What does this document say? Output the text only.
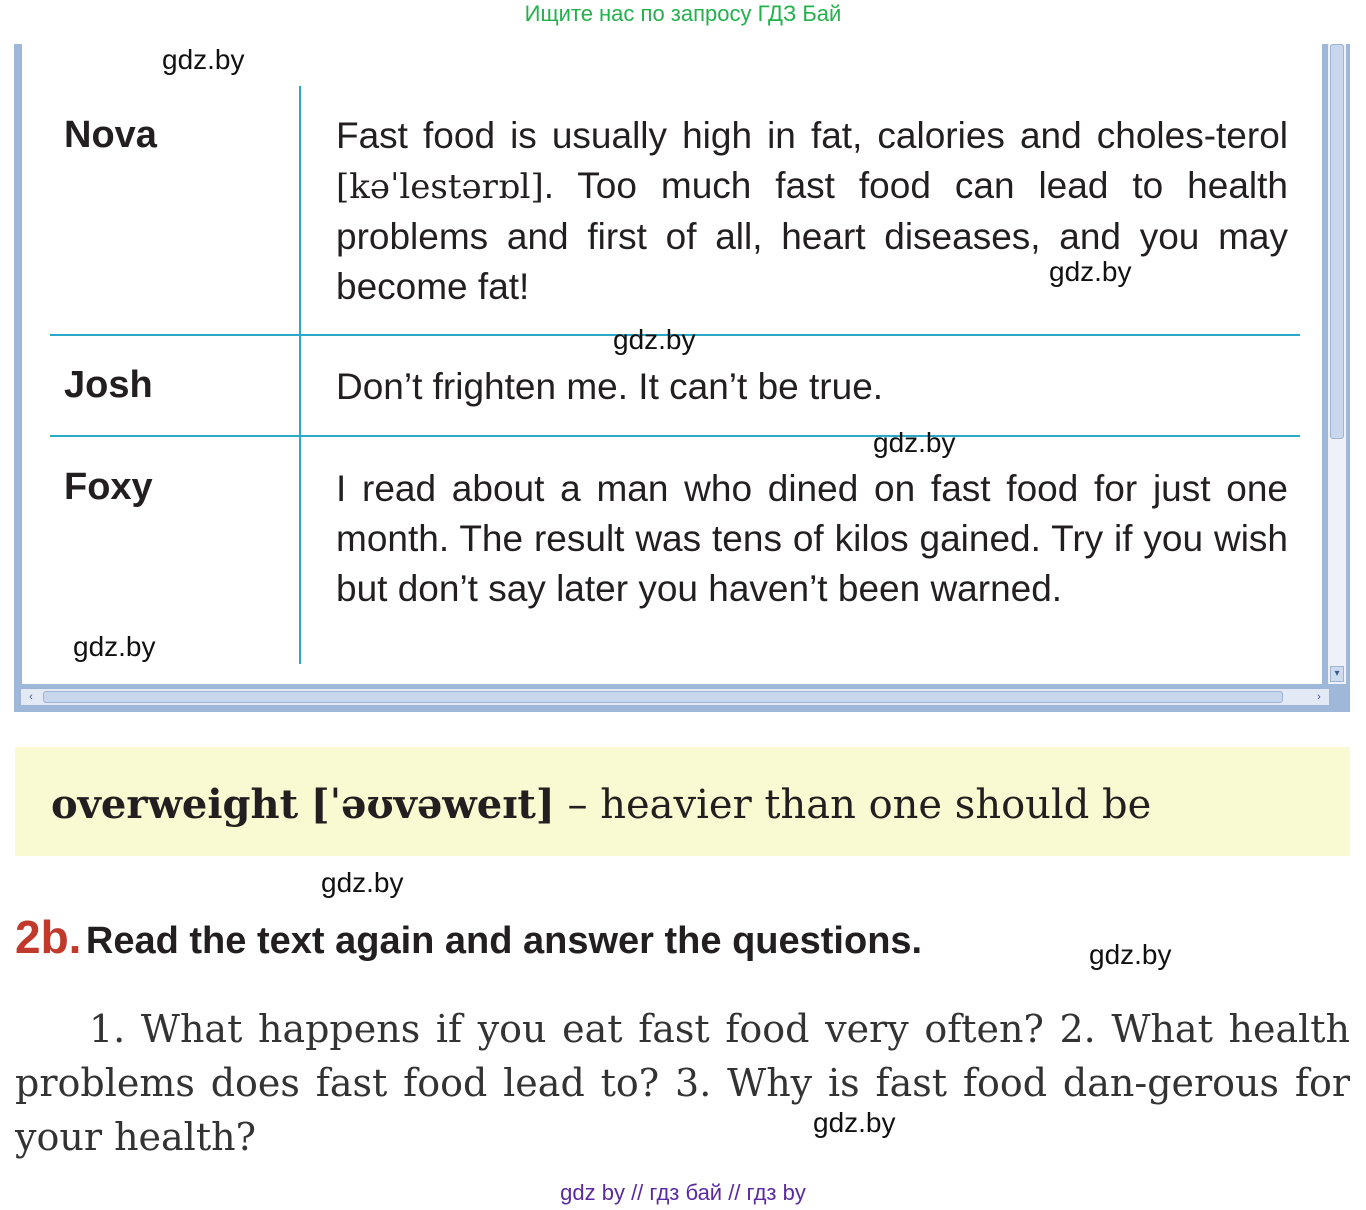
Ищите нас по запросу ГДЗ Бай
gdz.by
Nova	Fast food is usually high in fat, calories and choles-terol [kəˈlestərɒl]. Too much fast food can lead to health problems and first of all, heart diseases, and you may become fat!	gdz.by
gdz.by
Josh	Don’t frighten me. It can’t be true.
gdz.by
Foxy	I read about a man who dined on fast food for just one month. The result was tens of kilos gained. Try if you wish but don’t say later you haven’t been warned.
gdz.by
▾
‹	›
overweight [ˈəʊvəweɪt] – heavier than one should be
gdz.by
2b. Read the text again and answer the questions.	gdz.by
1. What happens if you eat fast food very often? 2. What health problems does fast food lead to? 3. Why is fast food dan-gerous for your health?	gdz.by
gdz by // гдз бай // гдз by
